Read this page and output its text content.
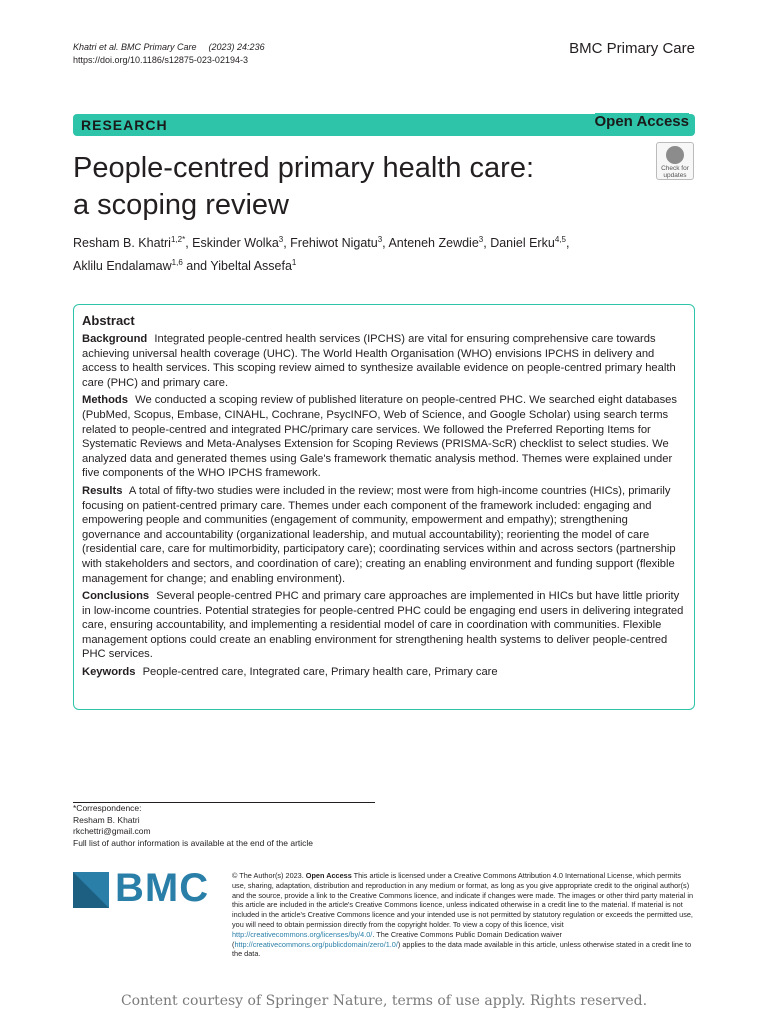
Khatri et al. BMC Primary Care (2023) 24:236
https://doi.org/10.1186/s12875-023-02194-3
BMC Primary Care
RESEARCH	Open Access
People-centred primary health care:
a scoping review
Check for
updates
Resham B. Khatri$^{1,2*}$, Eskinder Wolka$^3$, Frehiwot Nigatu$^3$, Anteneh Zewdie$^3$, Daniel Erku$^{4,5}$,
Aklilu Endalamaw$^{1,6}$ and Yibeltal Assefa$^1$
Abstract

Background Integrated people-centred health services (IPCHS) are vital for ensuring comprehensive care towards achieving universal health coverage (UHC). The World Health Organisation (WHO) envisions IPCHS in delivery and access to health services. This scoping review aimed to synthesize available evidence on people-centred primary health care (PHC) and primary care.

Methods We conducted a scoping review of published literature on people-centred PHC. We searched eight databases (PubMed, Scopus, Embase, CINAHL, Cochrane, PsycINFO, Web of Science, and Google Scholar) using search terms related to people-centred and integrated PHC/primary care services. We followed the Preferred Reporting Items for Systematic Reviews and Meta-Analyses Extension for Scoping Reviews (PRISMA-ScR) checklist to select studies. We analyzed data and generated themes using Gale's framework thematic analysis method. Themes were explained under five components of the WHO IPCHS framework.

Results A total of fifty-two studies were included in the review; most were from high-income countries (HICs), primarily focusing on patient-centred primary care. Themes under each component of the framework included: engaging and empowering people and communities (engagement of community, empowerment and empathy); strengthening governance and accountability (organizational leadership, and mutual accountability); reorienting the model of care (residential care, care for multimorbidity, participatory care); coordinating services within and across sectors (partnership with stakeholders and sectors, and coordination of care); creating an enabling environment and funding support (flexible management for change; and enabling environment).

Conclusions Several people-centred PHC and primary care approaches are implemented in HICs but have little priority in low-income countries. Potential strategies for people-centred PHC could be engaging end users in delivering integrated care, ensuring accountability, and implementing a residential model of care in coordination with communities. Flexible management options could create an enabling environment for strengthening health systems to deliver people-centred PHC services.

Keywords People-centred care, Integrated care, Primary health care, Primary care

*Correspondence:
Resham B. Khatri
rkchettri@gmail.com
Full list of author information is available at the end of the article
BMC	© The Author(s) 2023. Open Access This article is licensed under a Creative Commons Attribution 4.0 International License, which permits use, sharing, adaptation, distribution and reproduction in any medium or format, as long as you give appropriate credit to the original author(s) and the source, provide a link to the Creative Commons licence, and indicate if changes were made. The images or other third party material in this article are included in the article's Creative Commons licence, unless indicated otherwise in a credit line to the material. If material is not included in the article's Creative Commons licence and your intended use is not permitted by statutory regulation or exceeds the permitted use, you will need to obtain permission directly from the copyright holder. To view a copy of this licence, visit http://creativecommons.org/licenses/by/4.0/. The Creative Commons Public Domain Dedication waiver (http://creativecommons.org/publicdomain/zero/1.0/) applies to the data made available in this article, unless otherwise stated in a credit line to the data.
Content courtesy of Springer Nature, terms of use apply. Rights reserved.
